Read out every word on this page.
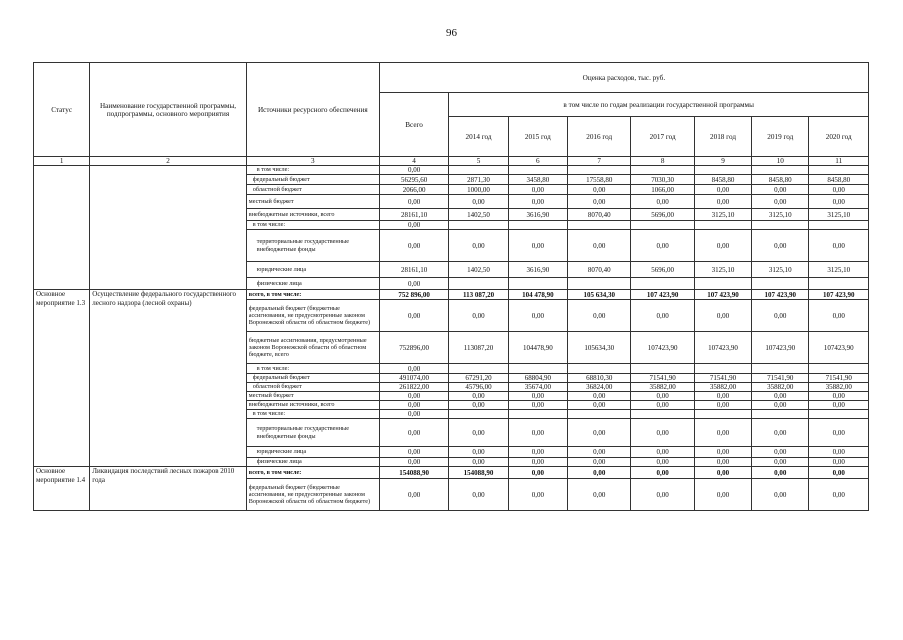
96
Статус	Наименование государственной программы, подпрограммы, основного мероприятия	Источники ресурсного обеспечения	Оценка расходов, тыс. руб.							
			Всего	в том числе по годам реализации государственной программы						
				2014 год	2015 год	2016 год	2017 год	2018 год	2019 год	2020 год
1	2	3	4	5	6	7	8	9	10	11
		в том числе:	0,00							
		федеральный бюджет	56295,60	2871,30	3458,80	17558,80	7030,30	8458,80	8458,80	8458,80
		областной бюджет	2066,00	1000,00	0,00	0,00	1066,00	0,00	0,00	0,00
		местный бюджет	0,00	0,00	0,00	0,00	0,00	0,00	0,00	0,00
		внебюджетные источники, всего	28161,10	1402,50	3616,90	8070,40	5696,00	3125,10	3125,10	3125,10
		в том числе:	0,00							
		территориальные государственные внебюджетные фонды	0,00	0,00	0,00	0,00	0,00	0,00	0,00	0,00
		юридические лица	28161,10	1402,50	3616,90	8070,40	5696,00	3125,10	3125,10	3125,10
		физические лица	0,00							
Основное мероприятие 1.3	Осуществление федерального государственного лесного надзора (лесной охраны)	всего, в том числе:	752 896,00	113 087,20	104 478,90	105 634,30	107 423,90	107 423,90	107 423,90	107 423,90
		федеральный бюджет (бюджетные ассигнования, не предусмотренные законом Воронежской области об областном бюджете)	0,00	0,00	0,00	0,00	0,00	0,00	0,00	0,00
		бюджетные ассигнования, предусмотренные законом Воронежской области об областном бюджете, всего	752896,00	113087,20	104478,90	105634,30	107423,90	107423,90	107423,90	107423,90
		в том числе:	0,00							
		федеральный бюджет	491074,00	67291,20	68804,90	68810,30	71541,90	71541,90	71541,90	71541,90
		областной бюджет	261822,00	45796,00	35674,00	36824,00	35882,00	35882,00	35882,00	35882,00
		местный бюджет	0,00	0,00	0,00	0,00	0,00	0,00	0,00	0,00
		внебюджетные источники, всего	0,00	0,00	0,00	0,00	0,00	0,00	0,00	0,00
		в том числе:	0,00							
		территориальные государственные внебюджетные фонды	0,00	0,00	0,00	0,00	0,00	0,00	0,00	0,00
		юридические лица	0,00	0,00	0,00	0,00	0,00	0,00	0,00	0,00
		физические лица	0,00	0,00	0,00	0,00	0,00	0,00	0,00	0,00
Основное мероприятие 1.4	Ликвидация последствий лесных пожаров 2010 года	всего, в том числе:	154088,90	154088,90	0,00	0,00	0,00	0,00	0,00	0,00
		федеральный бюджет (бюджетные ассигнования, не предусмотренные законом Воронежской области об областном бюджете)	0,00	0,00	0,00	0,00	0,00	0,00	0,00	0,00
